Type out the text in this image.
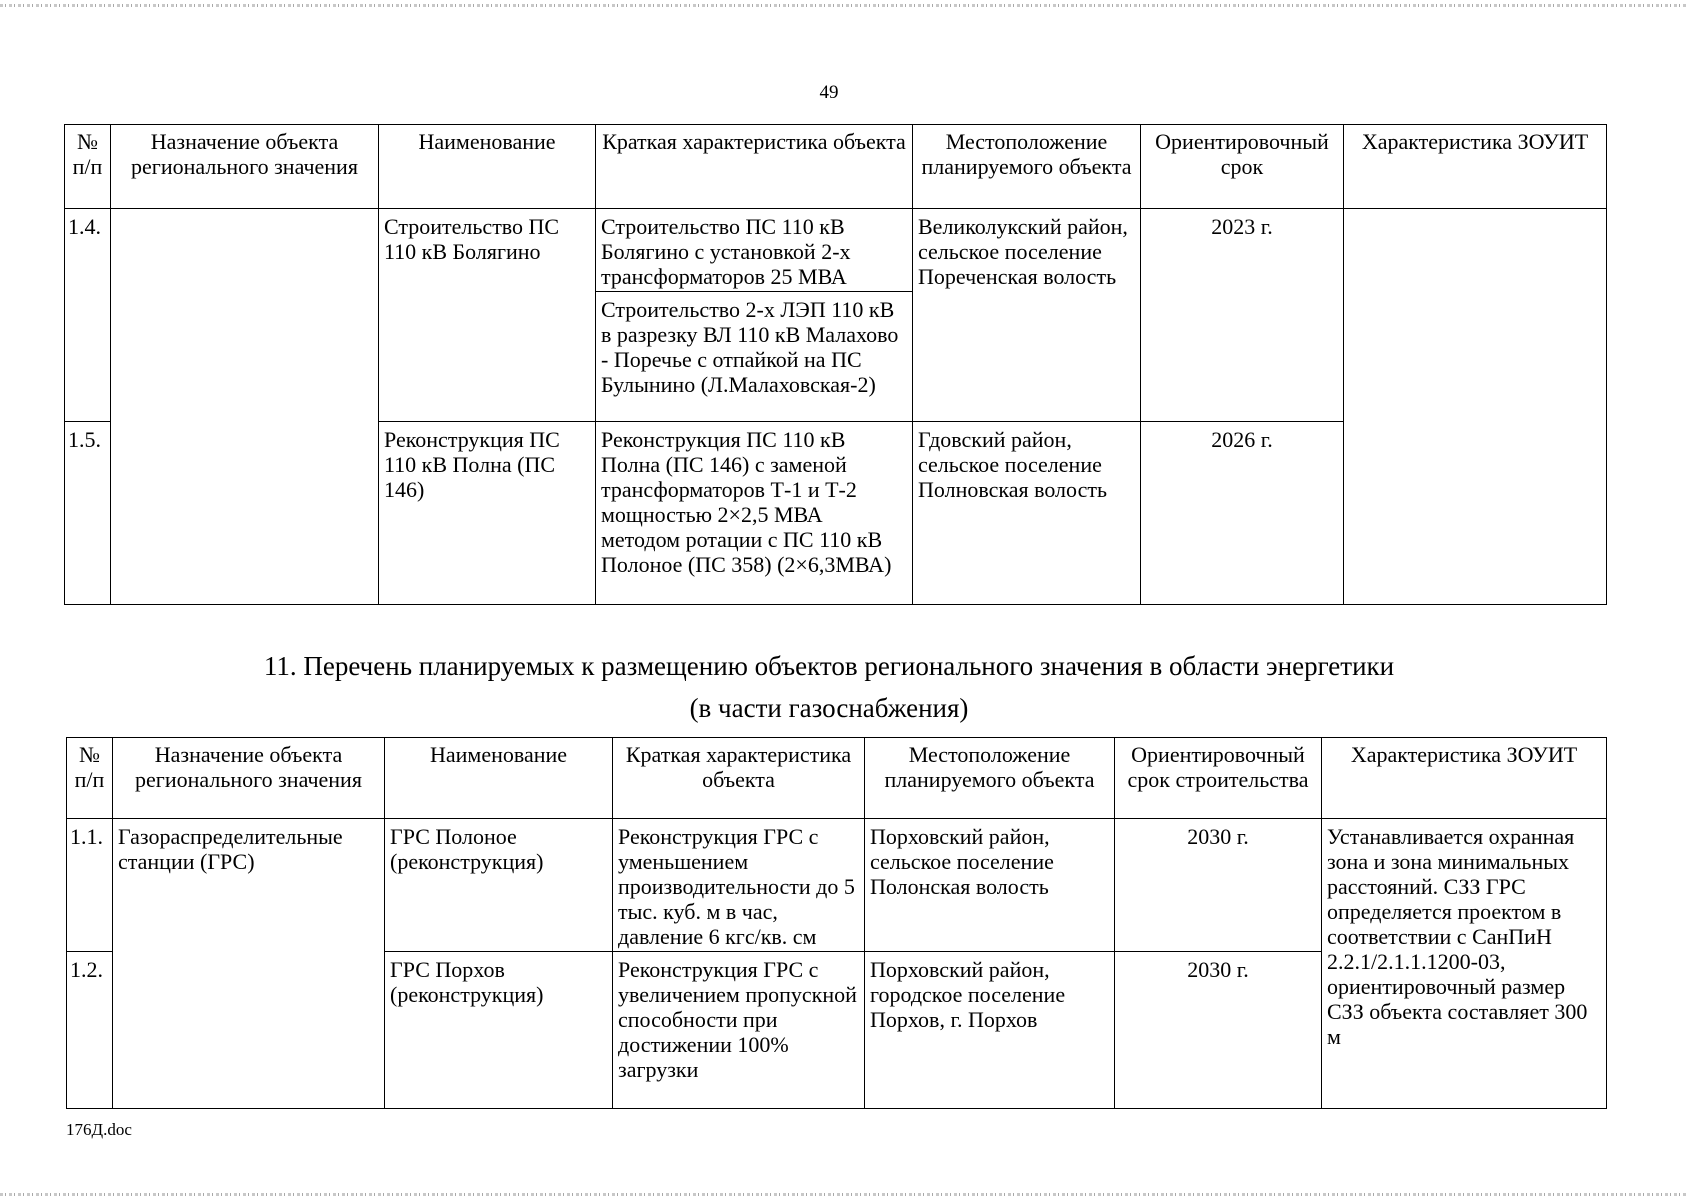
49
№ п/п	Назначение объекта регионального значения	Наименование	Краткая характеристика объекта	Местоположение планируемого объекта	Ориентировочный срок	Характеристика ЗОУИТ
1.4.		Строительство ПС 110 кВ Болягино	Строительство ПС 110 кВ Болягино с установкой 2-х трансформаторов 25 МВА	Великолукский район, сельское поселение Пореченская волость	2023 г.	
			Строительство 2-х ЛЭП 110 кВ в разрезку ВЛ 110 кВ Малахово - Поречье с отпайкой на ПС Булынино (Л.Малаховская-2)			
1.5.		Реконструкция ПС 110 кВ Полна (ПС 146)	Реконструкция ПС 110 кВ Полна (ПС 146) с заменой трансформаторов Т-1 и Т-2 мощностью 2×2,5 МВА методом ротации с ПС 110 кВ Полоное (ПС 358) (2×6,3МВА)	Гдовский район, сельское поселение Полновская волость	2026 г.	
11. Перечень планируемых к размещению объектов регионального значения в области энергетики
(в части газоснабжения)
№ п/п	Назначение объекта регионального значения	Наименование	Краткая характеристика объекта	Местоположение планируемого объекта	Ориентировочный срок строительства	Характеристика ЗОУИТ
1.1.	Газораспределительные станции (ГРС)	ГРС Полоное (реконструкция)	Реконструкция ГРС с уменьшением производительности до 5 тыс. куб. м в час, давление 6 кгс/кв. см	Порховский район, сельское поселение Полонская волость	2030 г.	Устанавливается охранная зона и зона минимальных расстояний. СЗЗ ГРС определяется проектом в соответствии с СанПиН 2.2.1/2.1.1.1200-03, ориентировочный размер СЗЗ объекта составляет 300 м
1.2.		ГРС Порхов (реконструкция)	Реконструкция ГРС с увеличением пропускной способности при достижении 100% загрузки	Порховский район, городское поселение Порхов, г. Порхов	2030 г.	
176Д.doc
